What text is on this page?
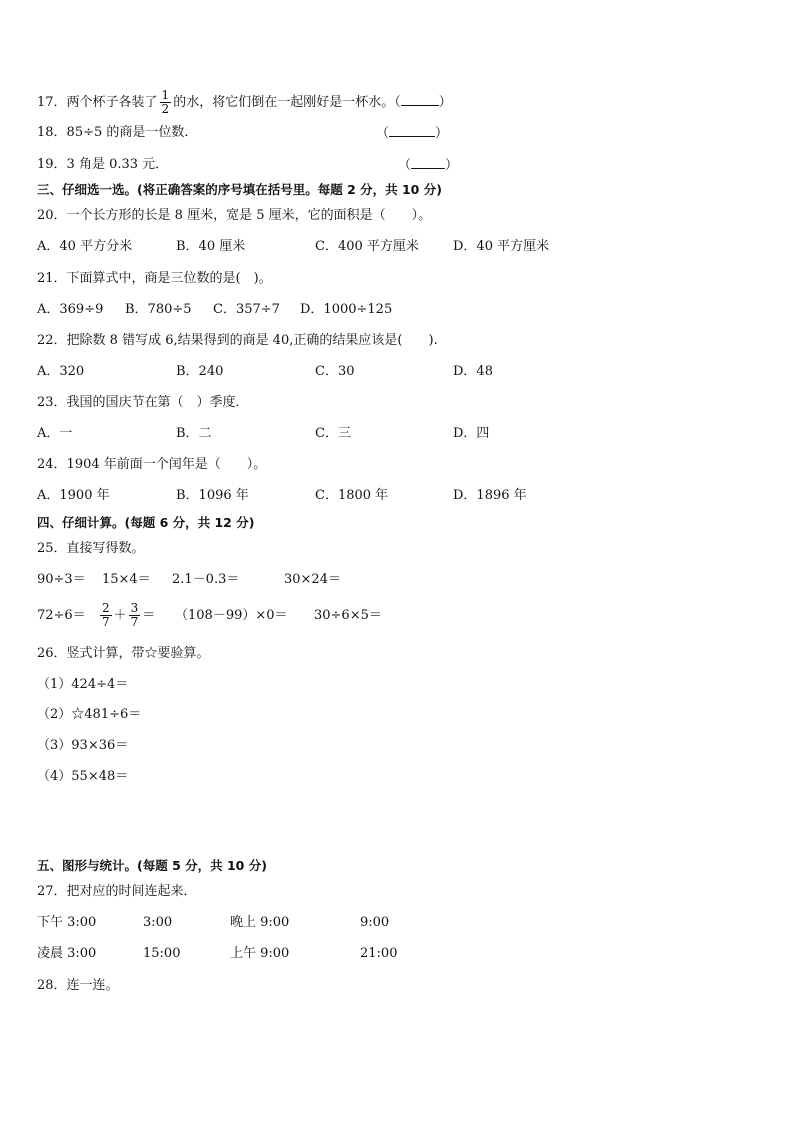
17．两个杯子各装了 $\frac{1}{2}$ 的水，将它们倒在一起刚好是一杯水。（	）
18．85÷5 的商是一位数．	（	）
19．3 角是 0.33 元．	（	）
三、仔细选一选。(将正确答案的序号填在括号里。每题 2 分，共 10 分)
20．一个长方形的长是 8 厘米，宽是 5 厘米，它的面积是（　　）。
A．40 平方分米	B．40 厘米	C．400 平方厘米	D．40 平方厘米
21．下面算式中，商是三位数的是(　)。
A．369÷9 B．780÷5 C．357÷7 D．1000÷125
22．把除数 8 错写成 6,结果得到的商是 40,正确的结果应该是(　　).
A．320	B．240	C．30	D．48
23．我国的国庆节在第（　）季度．
A．一	B．二	C．三	D．四
24．1904 年前面一个闰年是（　　）。
A．1900 年	B．1096 年	C．1800 年	D．1896 年
四、仔细计算。(每题 6 分，共 12 分)
25．直接写得数。
90÷3＝ 15×4＝ 2.1－0.3＝	30×24＝
$72\div 6= \frac{2}{7} + \frac{3}{7} = (108-99)\times 0= 30\div 6\times 5=$
26．竖式计算，带☆要验算。
（1）424÷4＝
（2）☆481÷6＝
（3）93×36＝
（4）55×48＝
五、图形与统计。(每题 5 分，共 10 分)
27．把对应的时间连起来．
下午 3:00	3:00	晚上 9:00	9:00
凌晨 3:00	15:00	上午 9:00	21:00
28．连一连。
